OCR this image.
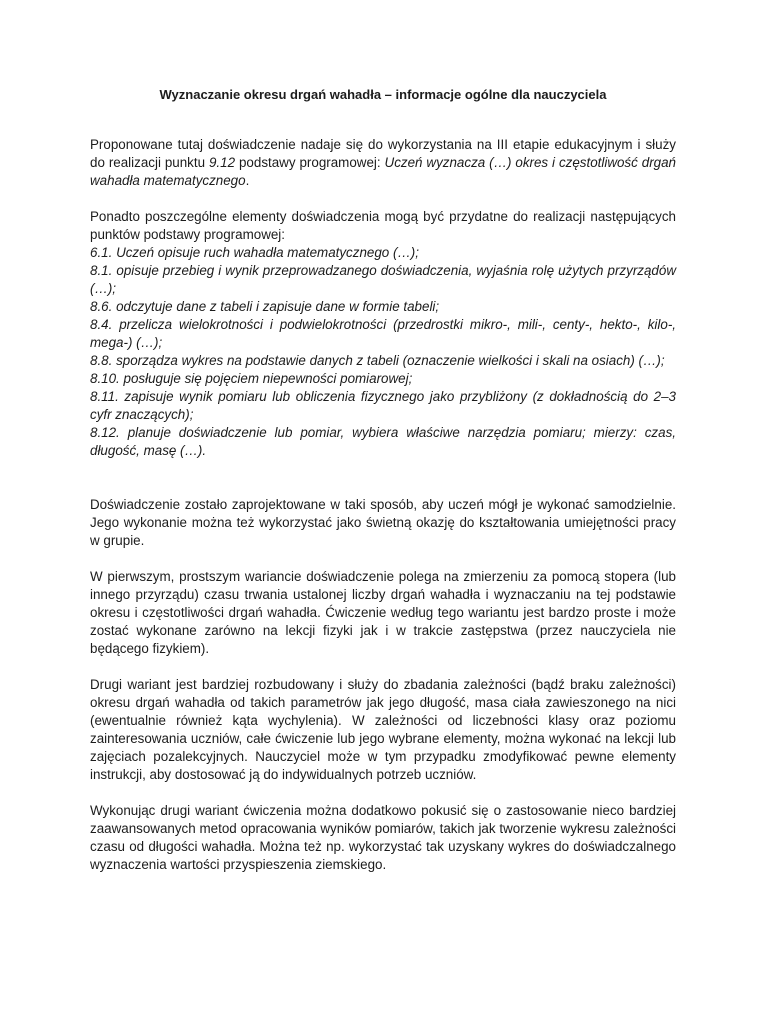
Wyznaczanie okresu drgań wahadła – informacje ogólne dla nauczyciela

Proponowane tutaj doświadczenie nadaje się do wykorzystania na III etapie edukacyjnym i służy do realizacji punktu 9.12 podstawy programowej: Uczeń wyznacza (…) okres i częstotliwość drgań wahadła matematycznego.

Ponadto poszczególne elementy doświadczenia mogą być przydatne do realizacji następujących punktów podstawy programowej:

6.1. Uczeń opisuje ruch wahadła matematycznego (…);
8.1. opisuje przebieg i wynik przeprowadzanego doświadczenia, wyjaśnia rolę użytych przyrządów (…);
8.6. odczytuje dane z tabeli i zapisuje dane w formie tabeli;
8.4. przelicza wielokrotności i podwielokrotności (przedrostki mikro-, mili-, centy-, hekto-, kilo-, mega-) (…);
8.8. sporządza wykres na podstawie danych z tabeli (oznaczenie wielkości i skali na osiach) (…);
8.10. posługuje się pojęciem niepewności pomiarowej;
8.11. zapisuje wynik pomiaru lub obliczenia fizycznego jako przybliżony (z dokładnością do 2–3 cyfr znaczących);
8.12. planuje doświadczenie lub pomiar, wybiera właściwe narzędzia pomiaru; mierzy: czas, długość, masę (…).

Doświadczenie zostało zaprojektowane w taki sposób, aby uczeń mógł je wykonać samodzielnie. Jego wykonanie można też wykorzystać jako świetną okazję do kształtowania umiejętności pracy w grupie.

W pierwszym, prostszym wariancie doświadczenie polega na zmierzeniu za pomocą stopera (lub innego przyrządu) czasu trwania ustalonej liczby drgań wahadła i wyznaczaniu na tej podstawie okresu i częstotliwości drgań wahadła. Ćwiczenie według tego wariantu jest bardzo proste i może zostać wykonane zarówno na lekcji fizyki jak i w trakcie zastępstwa (przez nauczyciela nie będącego fizykiem).

Drugi wariant jest bardziej rozbudowany i służy do zbadania zależności (bądź braku zależności) okresu drgań wahadła od takich parametrów jak jego długość, masa ciała zawieszonego na nici (ewentualnie również kąta wychylenia). W zależności od liczebności klasy oraz poziomu zainteresowania uczniów, całe ćwiczenie lub jego wybrane elementy, można wykonać na lekcji lub zajęciach pozalekcyjnych. Nauczyciel może w tym przypadku zmodyfikować pewne elementy instrukcji, aby dostosować ją do indywidualnych potrzeb uczniów.

Wykonując drugi wariant ćwiczenia można dodatkowo pokusić się o zastosowanie nieco bardziej zaawansowanych metod opracowania wyników pomiarów, takich jak tworzenie wykresu zależności czasu od długości wahadła. Można też np. wykorzystać tak uzyskany wykres do doświadczalnego wyznaczenia wartości przyspieszenia ziemskiego.
